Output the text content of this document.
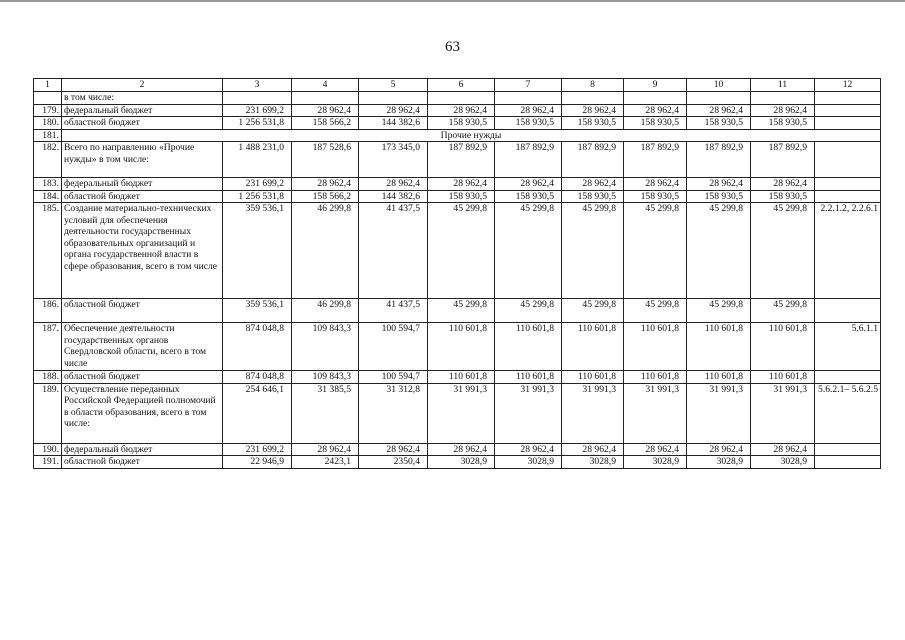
63
1	2	3	4	5	6	7	8	9	10	11	12
	в том числе:										
179.	федеральный бюджет	231 699,2	28 962,4	28 962,4	28 962,4	28 962,4	28 962,4	28 962,4	28 962,4	28 962,4	
180.	областной бюджет	1 256 531,8	158 566,2	144 382,6	158 930,5	158 930,5	158 930,5	158 930,5	158 930,5	158 930,5	
181.	Прочие нужды										
182.	Всего по направлению «Прочие нужды» в том числе:	1 488 231,0	187 528,6	173 345,0	187 892,9	187 892,9	187 892,9	187 892,9	187 892,9	187 892,9	
183.	федеральный бюджет	231 699,2	28 962,4	28 962,4	28 962,4	28 962,4	28 962,4	28 962,4	28 962,4	28 962,4	
184.	областной бюджет	1 256 531,8	158 566,2	144 382,6	158 930,5	158 930,5	158 930,5	158 930,5	158 930,5	158 930,5	
185.	Создание материально-технических условий для обеспечения деятельности государственных образовательных организаций и органа государственной власти в сфере образования, всего в том числе	359 536,1	46 299,8	41 437,5	45 299,8	45 299,8	45 299,8	45 299,8	45 299,8	45 299,8	2.2.1.2, 2.2.6.1
186.	областной бюджет	359 536,1	46 299,8	41 437,5	45 299,8	45 299,8	45 299,8	45 299,8	45 299,8	45 299,8	
187.	Обеспечение деятельности государственных органов Свердловской области, всего в том числе	874 048,8	109 843,3	100 594,7	110 601,8	110 601,8	110 601,8	110 601,8	110 601,8	110 601,8	5.6.1.1
188.	областной бюджет	874 048,8	109 843,3	100 594,7	110 601,8	110 601,8	110 601,8	110 601,8	110 601,8	110 601,8	
189.	Осуществление переданных Российской Федерацией полномочий в области образования, всего в том числе:	254 646,1	31 385,5	31 312,8	31 991,3	31 991,3	31 991,3	31 991,3	31 991,3	31 991,3	5.6.2.1– 5.6.2.5
190.	федеральный бюджет	231 699,2	28 962,4	28 962,4	28 962,4	28 962,4	28 962,4	28 962,4	28 962,4	28 962,4	
191.	областной бюджет	22 946,9	2423,1	2350,4	3028,9	3028,9	3028,9	3028,9	3028,9	3028,9	
